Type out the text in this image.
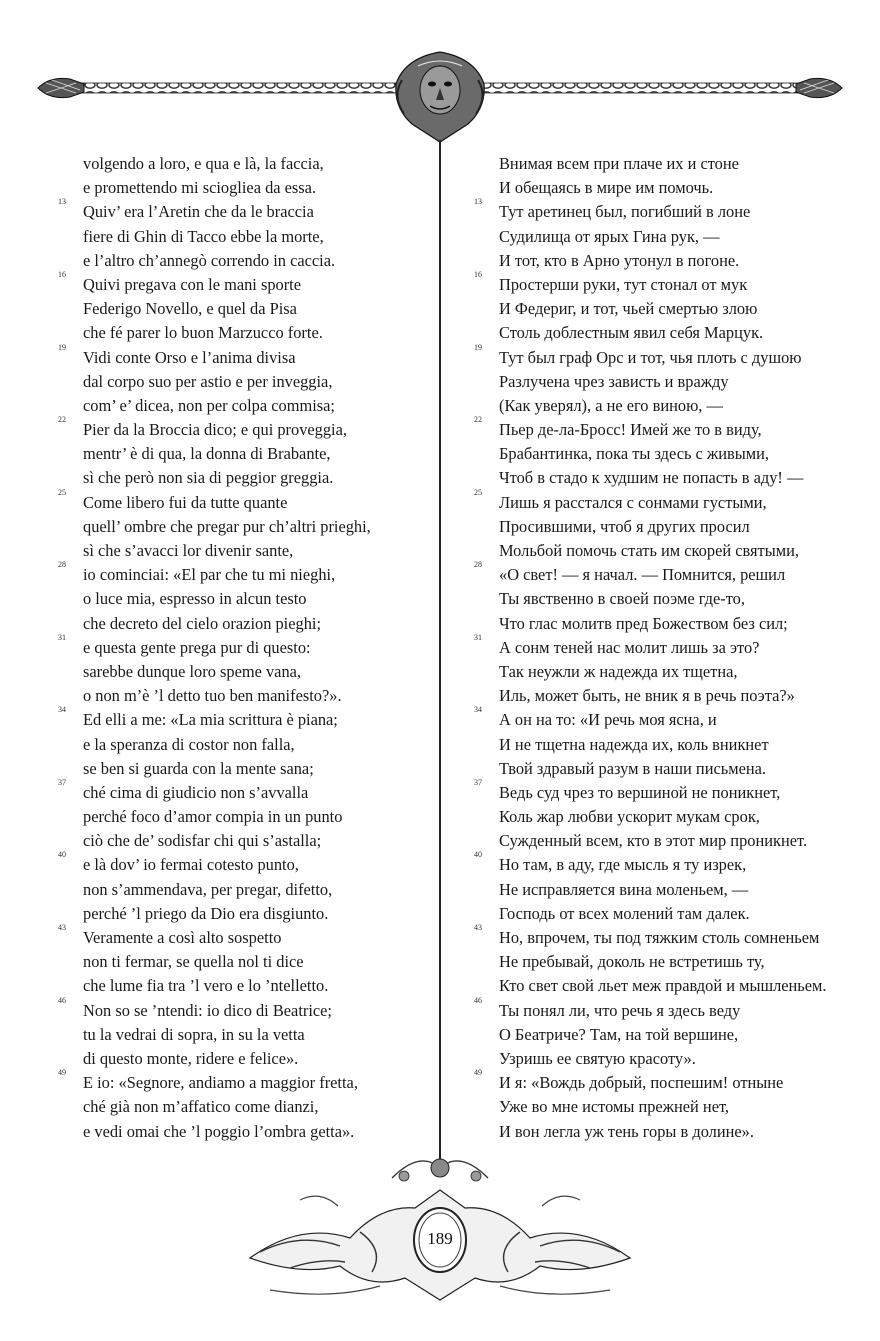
volgendo a loro, e qua e là, la faccia,
e promettendo mi sciogliea da essa.
13
Quiv’ era l’Aretin che da le braccia
fiere di Ghin di Tacco ebbe la morte,
e l’altro ch’annegò correndo in caccia.
16
Quivi pregava con le mani sporte
Federigo Novello, e quel da Pisa
che fé parer lo buon Marzucco forte.
19
Vidi conte Orso e l’anima divisa
dal corpo suo per astio e per inveggia,
com’ e’ dicea, non per colpa commisa;
22
Pier da la Broccia dico; e qui proveggia,
mentr’ è di qua, la donna di Brabante,
sì che però non sia di peggior greggia.
25
Come libero fui da tutte quante
quell’ ombre che pregar pur ch’altri prieghi,
sì che s’avacci lor divenir sante,
28
io cominciai: «El par che tu mi nieghi,
o luce mia, espresso in alcun testo
che decreto del cielo orazion pieghi;
31
e questa gente prega pur di questo:
sarebbe dunque loro speme vana,
o non m’è ’l detto tuo ben manifesto?».
34
Ed elli a me: «La mia scrittura è piana;
e la speranza di costor non falla,
se ben si guarda con la mente sana;
37
ché cima di giudicio non s’avvalla
perché foco d’amor compia in un punto
ciò che de’ sodisfar chi qui s’astalla;
40
e là dov’ io fermai cotesto punto,
non s’ammendava, per pregar, difetto,
perché ’l priego da Dio era disgiunto.
43
Veramente a così alto sospetto
non ti fermar, se quella nol ti dice
che lume fia tra ’l vero e lo ’ntelletto.
46
Non so se ’ntendi: io dico di Beatrice;
tu la vedrai di sopra, in su la vetta
di questo monte, ridere e felice».
49
E io: «Segnore, andiamo a maggior fretta,
ché già non m’affatico come dianzi,
e vedi omai che ’l poggio l’ombra getta».
Внимая всем при плаче их и стоне
И обещаясь в мире им помочь.
13
Тут аретинец был, погибший в лоне
Судилища от ярых Гина рук, —
И тот, кто в Арно утонул в погоне.
16
Простерши руки, тут стонал от мук
И Федериг, и тот, чьей смертью злою
Столь доблестным явил себя Марцук.
19
Тут был граф Орс и тот, чья плоть с душою
Разлучена чрез зависть и вражду
(Как уверял), а не его виною, —
22
Пьер де-ла-Бросс! Имей же то в виду,
Брабантинка, пока ты здесь с живыми,
Чтоб в стадо к худшим не попасть в аду! —
25
Лишь я расстался с сонмами густыми,
Просившими, чтоб я других просил
Мольбой помочь стать им скорей святыми,
28
«О свет! — я начал. — Помнится, решил
Ты явственно в своей поэме где-то,
Что глас молитв пред Божеством без сил;
31
А сонм теней нас молит лишь за это?
Так неужли ж надежда их тщетна,
Иль, может быть, не вник я в речь поэта?»
34
А он на то: «И речь моя ясна, и
И не тщетна надежда их, коль вникнет
Твой здравый разум в наши письмена.
37
Ведь суд чрез то вершиной не поникнет,
Коль жар любви ускорит мукам срок,
Сужденный всем, кто в этот мир проникнет.
40
Но там, в аду, где мысль я ту изрек,
Не исправляется вина моленьем, —
Господь от всех молений там далек.
43
Но, впрочем, ты под тяжким столь сомненьем
Не пребывай, доколь не встретишь ту,
Кто свет свой льет меж правдой и мышленьем.
46
Ты понял ли, что речь я здесь веду
О Беатриче? Там, на той вершине,
Узришь ее святую красоту».
49
И я: «Вождь добрый, поспешим! отныне
Уже во мне истомы прежней нет,
И вон легла уж тень горы в долине».
189
